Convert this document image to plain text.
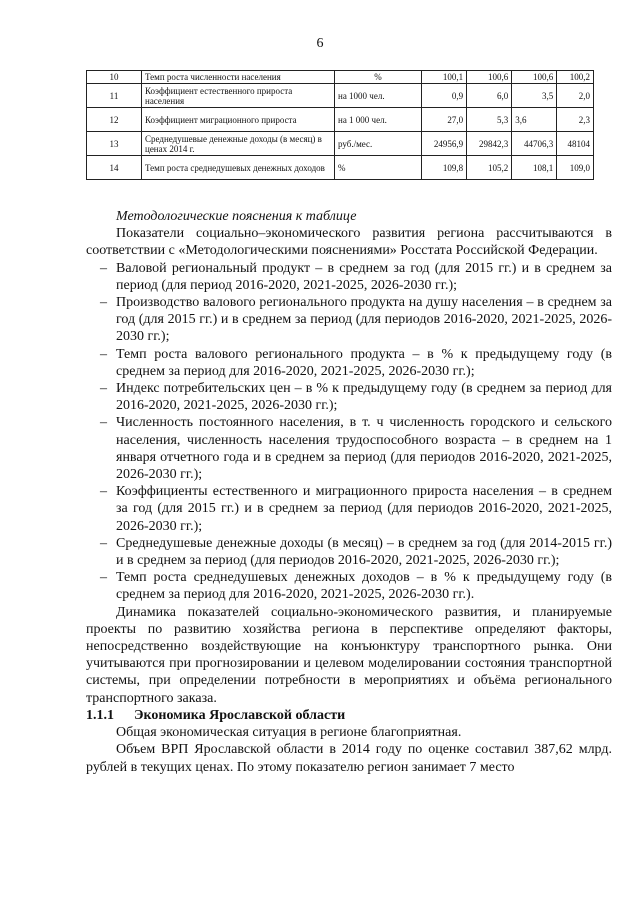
6
10	Темп роста численности населения	%	100,1	100,6	100,6	100,2
11	Коэффициент естественного прироста населения	на 1000 чел.	0,9	6,0	3,5	2,0
12	Коэффициент миграционного прироста	на 1 000 чел.	27,0	5,3	3,6	2,3
13	Среднедушевые денежные доходы (в месяц) в ценах 2014 г.	руб./мес.	24956,9	29842,3	44706,3	48104
14	Темп роста среднедушевых денежных доходов	%	109,8	105,2	108,1	109,0

Методологические пояснения к таблице

Показатели социально–экономического развития региона рассчитываются в соответствии с «Методологическими пояснениями» Росстата Российской Федерации.

– Валовой региональный продукт – в среднем за год (для 2015 гг.) и в среднем за период (для период 2016-2020, 2021-2025, 2026-2030 гг.);
– Производство валового регионального продукта на душу населения – в среднем за год (для 2015 гг.) и в среднем за период (для периодов 2016-2020, 2021-2025, 2026-2030 гг.);
– Темп роста валового регионального продукта – в % к предыдущему году (в среднем за период для 2016-2020, 2021-2025, 2026-2030 гг.);
– Индекс потребительских цен – в % к предыдущему году (в среднем за период для 2016-2020, 2021-2025, 2026-2030 гг.);
– Численность постоянного населения, в т. ч численность городского и сельского населения, численность населения трудоспособного возраста – в среднем на 1 января отчетного года и в среднем за период (для периодов 2016-2020, 2021-2025, 2026-2030 гг.);
– Коэффициенты естественного и миграционного прироста населения – в среднем за год (для 2015 гг.) и в среднем за период (для периодов 2016-2020, 2021-2025, 2026-2030 гг.);
– Среднедушевые денежные доходы (в месяц) – в среднем за год (для 2014-2015 гг.) и в среднем за период (для периодов 2016-2020, 2021-2025, 2026-2030 гг.);
– Темп роста среднедушевых денежных доходов – в % к предыдущему году (в среднем за период для 2016-2020, 2021-2025, 2026-2030 гг.).

Динамика показателей социально-экономического развития, и планируемые проекты по развитию хозяйства региона в перспективе определяют факторы, непосредственно воздействующие на конъюнктуру транспортного рынка. Они учитываются при прогнозировании и целевом моделировании состояния транспортной системы, при определении потребности в мероприятиях и объёма регионального транспортного заказа.

1.1.1 Экономика Ярославской области

Общая экономическая ситуация в регионе благоприятная.

Объем ВРП Ярославской области в 2014 году по оценке составил 387,62 млрд. рублей в текущих ценах. По этому показателю регион занимает 7 место
